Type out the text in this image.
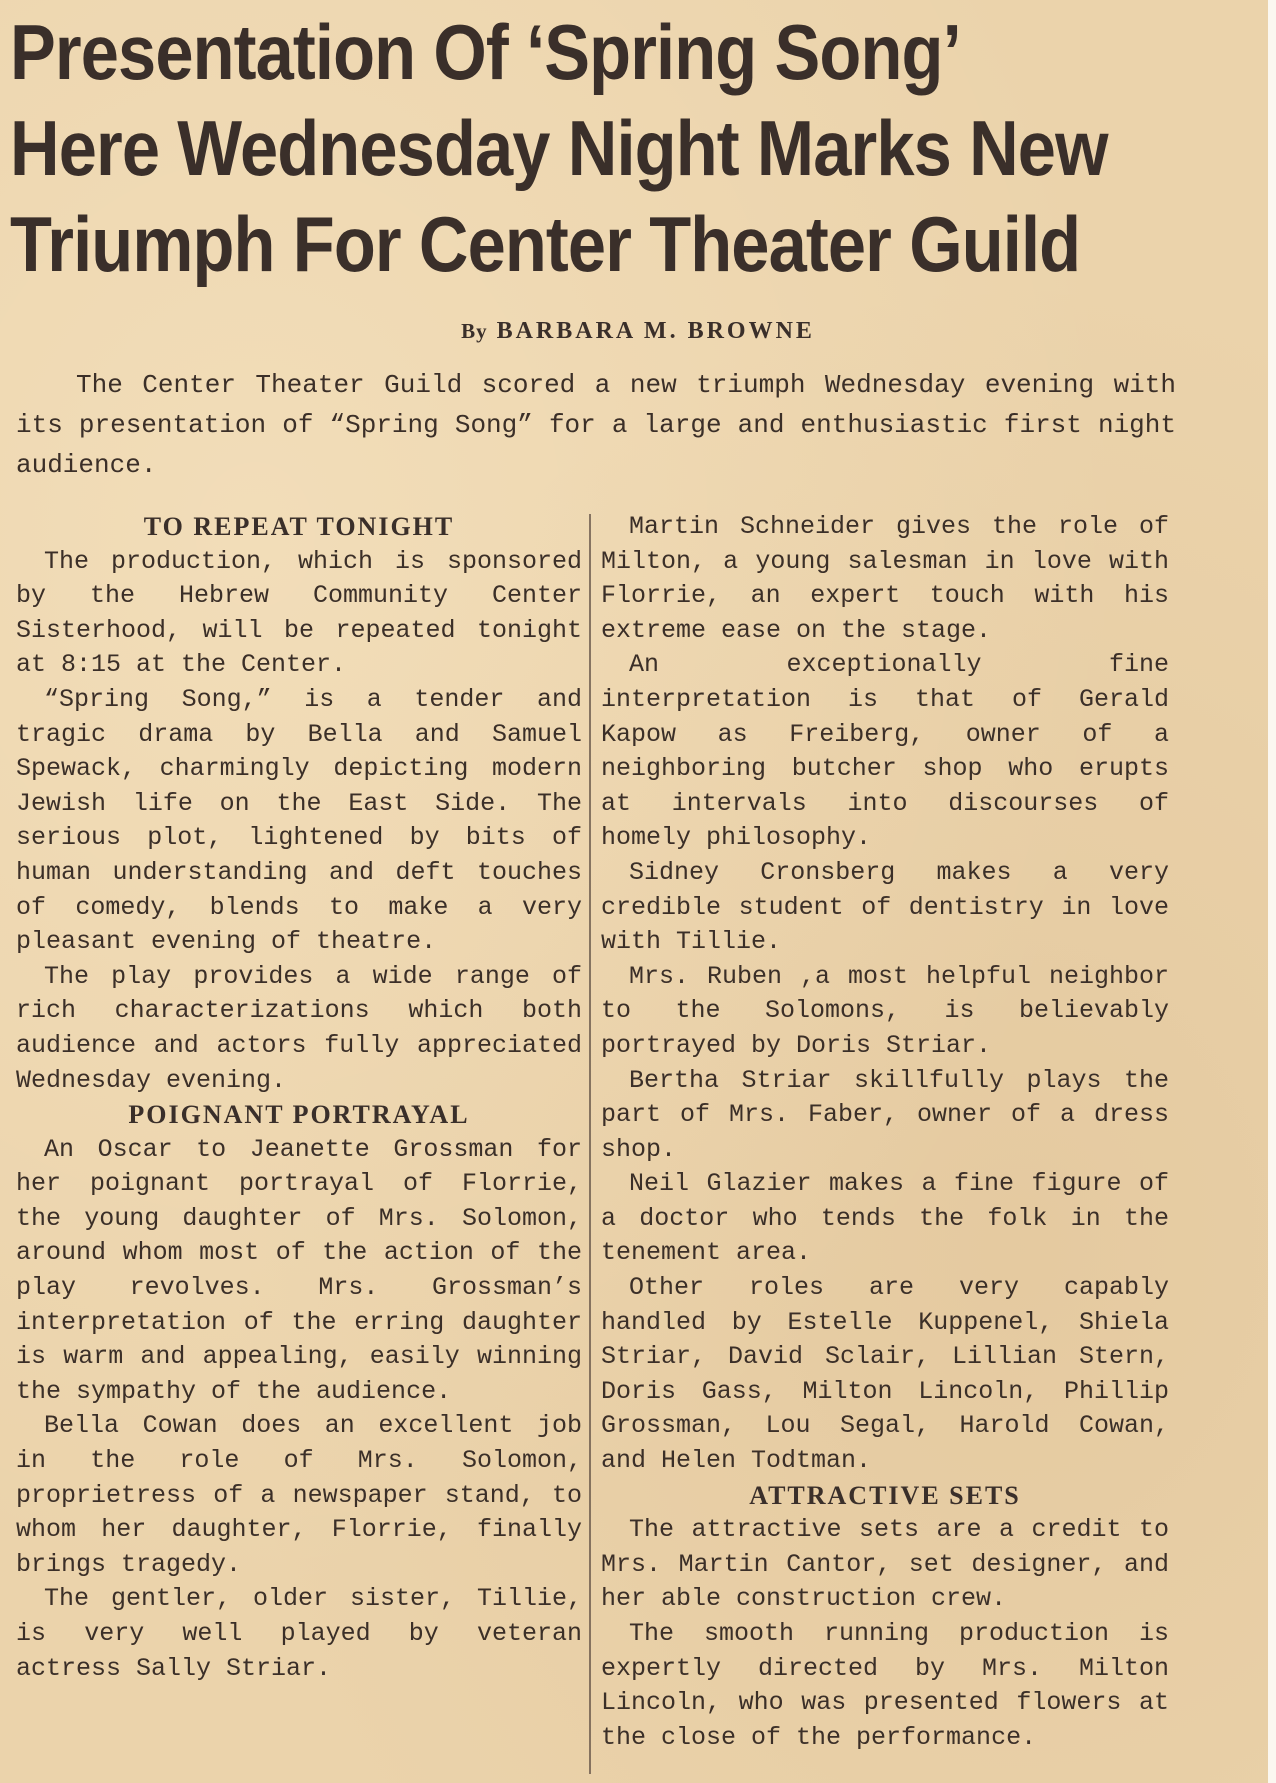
Presentation Of ‘Spring Song’
Here Wednesday Night Marks New
Triumph For Center Theater Guild
By BARBARA M. BROWNE

The Center Theater Guild scored a new triumph Wednesday evening with its presentation of “Spring Song” for a large and enthusiastic first night audience.

TO REPEAT TONIGHT

The production, which is sponsored by the Hebrew Community Center Sisterhood, will be repeated tonight at 8:15 at the Center.

“Spring Song,” is a tender and tragic drama by Bella and Samuel Spewack, charmingly depicting modern Jewish life on the East Side. The serious plot, lightened by bits of human understanding and deft touches of comedy, blends to make a very pleasant evening of theatre.

The play provides a wide range of rich characterizations which both audience and actors fully appreciated Wednesday evening.

POIGNANT PORTRAYAL

An Oscar to Jeanette Grossman for her poignant portrayal of Florrie, the young daughter of Mrs. Solomon, around whom most of the action of the play revolves. Mrs. Grossman’s interpretation of the erring daughter is warm and appealing, easily winning the sympathy of the audience.

Bella Cowan does an excellent job in the role of Mrs. Solomon, proprietress of a newspaper stand, to whom her daughter, Florrie, finally brings tragedy.

The gentler, older sister, Tillie, is very well played by veteran actress Sally Striar.

Martin Schneider gives the role of Milton, a young salesman in love with Florrie, an expert touch with his extreme ease on the stage.

An exceptionally fine interpretation is that of Gerald Kapow as Freiberg, owner of a neighboring butcher shop who erupts at intervals into discourses of homely philosophy.

Sidney Cronsberg makes a very credible student of dentistry in love with Tillie.

Mrs. Ruben ,a most helpful neighbor to the Solomons, is believably portrayed by Doris Striar.

Bertha Striar skillfully plays the part of Mrs. Faber, owner of a dress shop.

Neil Glazier makes a fine figure of a doctor who tends the folk in the tenement area.

Other roles are very capably handled by Estelle Kuppenel, Shiela Striar, David Sclair, Lillian Stern, Doris Gass, Milton Lincoln, Phillip Grossman, Lou Segal, Harold Cowan, and Helen Todtman.

ATTRACTIVE SETS

The attractive sets are a credit to Mrs. Martin Cantor, set designer, and her able construction crew.

The smooth running production is expertly directed by Mrs. Milton Lincoln, who was presented flowers at the close of the performance.
